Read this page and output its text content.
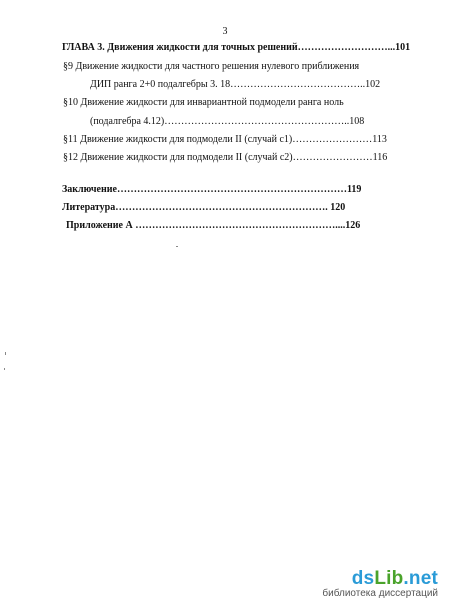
3
ГЛАВА 3. Движения жидкости для точных решений………………………...101
§9 Движение жидкости для частного решения нулевого приближения
ДИП ранга 2+0 подалгебры 3. 18…………………………………..102
§10 Движение жидкости для инвариантной подмодели ранга ноль
(подалгебра 4.12)………………………………………………..108
§11 Движение жидкости для подмодели II (случай с1)……………………113
§12 Движение жидкости для подмодели II (случай с2)……………………116
Заключение……………………………………………………………119
Литература………………………………………………………. 120
Приложение А ……………………………………………………....126
dsLib.net
библиотека диссертаций
